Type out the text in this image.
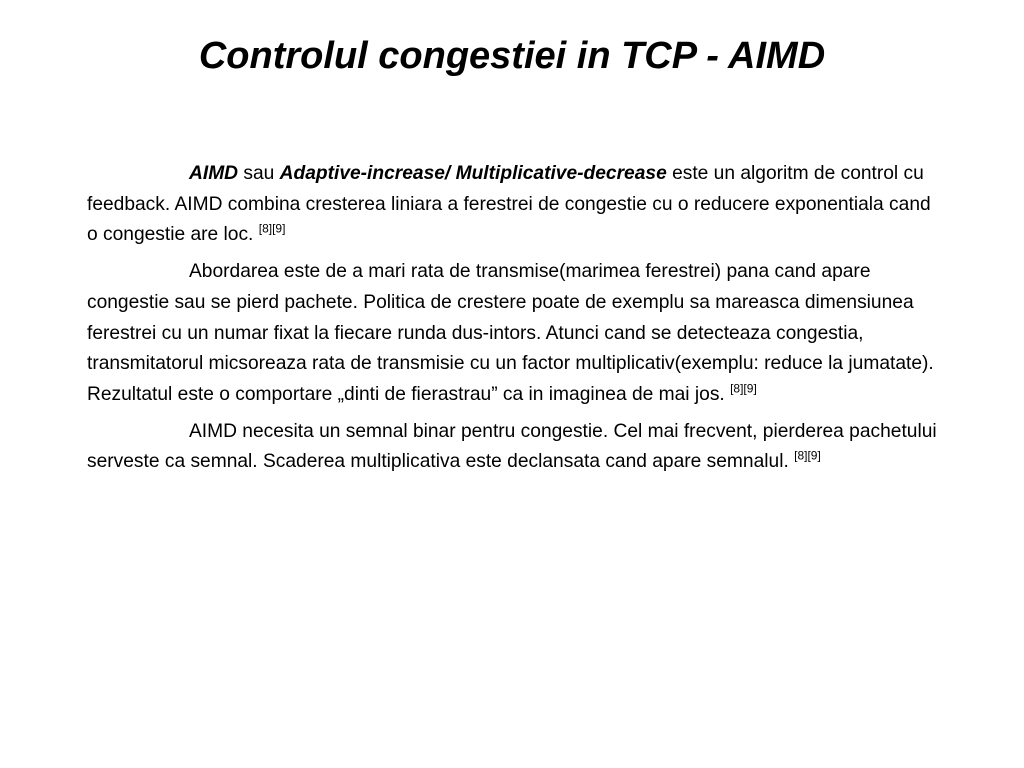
Controlul congestiei in TCP - AIMD

AIMD sau Adaptive-increase/ Multiplicative-decrease este un algoritm de control cu feedback. AIMD combina cresterea liniara a ferestrei de congestie cu o reducere exponentiala cand o congestie are loc. [8][9]

Abordarea este de a mari rata de transmise(marimea ferestrei) pana cand apare congestie sau se pierd pachete. Politica de crestere poate de exemplu sa mareasca dimensiunea ferestrei cu un numar fixat la fiecare runda dus-intors. Atunci cand se detecteaza congestia, transmitatorul micsoreaza rata de transmisie cu un factor multiplicativ(exemplu: reduce la jumatate). Rezultatul este o comportare „dinti de fierastrau” ca in imaginea de mai jos. [8][9]

AIMD necesita un semnal binar pentru congestie. Cel mai frecvent, pierderea pachetului serveste ca semnal. Scaderea multiplicativa este declansata cand apare semnalul. [8][9]
